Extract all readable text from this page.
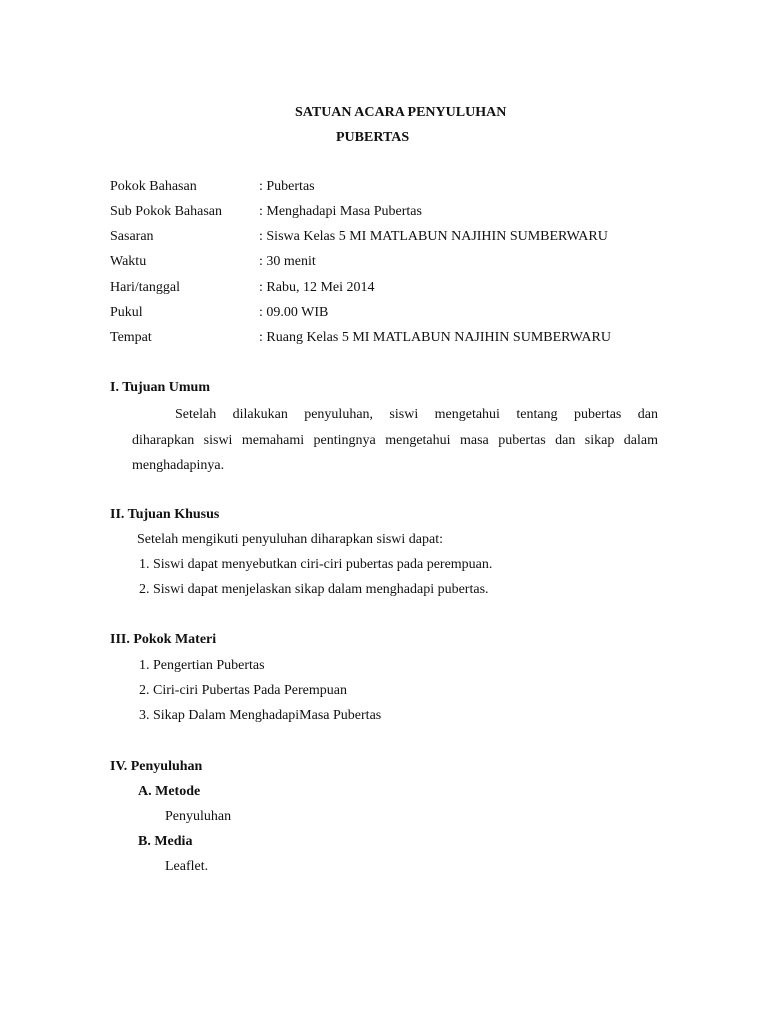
SATUAN ACARA PENYULUHAN
PUBERTAS
Pokok Bahasan	: Pubertas
Sub Pokok Bahasan	: Menghadapi Masa Pubertas
Sasaran	: Siswa Kelas 5 MI MATLABUN NAJIHIN SUMBERWARU
Waktu	: 30 menit
Hari/tanggal	: Rabu, 12 Mei 2014
Pukul	: 09.00 WIB
Tempat	: Ruang Kelas 5 MI MATLABUN NAJIHIN SUMBERWARU
I. Tujuan Umum
Setelah dilakukan penyuluhan, siswi mengetahui tentang pubertas dan
diharapkan siswi memahami pentingnya mengetahui masa pubertas dan sikap dalam
menghadapinya.
II. Tujuan Khusus
Setelah mengikuti penyuluhan diharapkan siswi dapat:
1. Siswi dapat menyebutkan ciri-ciri pubertas pada perempuan.
2. Siswi dapat menjelaskan sikap dalam menghadapi pubertas.
III. Pokok Materi
1. Pengertian Pubertas
2. Ciri-ciri Pubertas Pada Perempuan
3. Sikap Dalam MenghadapiMasa Pubertas
IV. Penyuluhan
A. Metode
Penyuluhan
B. Media
Leaflet.
